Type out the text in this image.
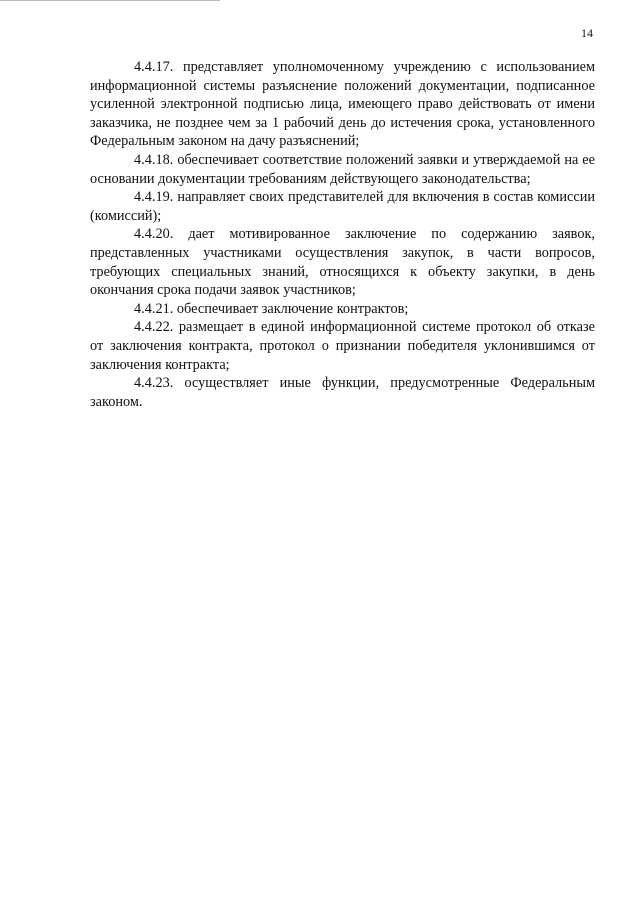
14

4.4.17. представляет уполномоченному учреждению с использованием информационной системы разъяснение положений документации, подписанное усиленной электронной подписью лица, имеющего право действовать от имени заказчика, не позднее чем за 1 рабочий день до истечения срока, установленного Федеральным законом на дачу разъяснений;

4.4.18. обеспечивает соответствие положений заявки и утверждаемой на ее основании документации требованиям действующего законодательства;

4.4.19. направляет своих представителей для включения в состав комиссии (комиссий);

4.4.20. дает мотивированное заключение по содержанию заявок, представленных участниками осуществления закупок, в части вопросов, требующих специальных знаний, относящихся к объекту закупки, в день окончания срока подачи заявок участников;

4.4.21. обеспечивает заключение контрактов;

4.4.22. размещает в единой информационной системе протокол об отказе от заключения контракта, протокол о признании победителя уклонившимся от заключения контракта;

4.4.23. осуществляет иные функции, предусмотренные Федеральным законом.
